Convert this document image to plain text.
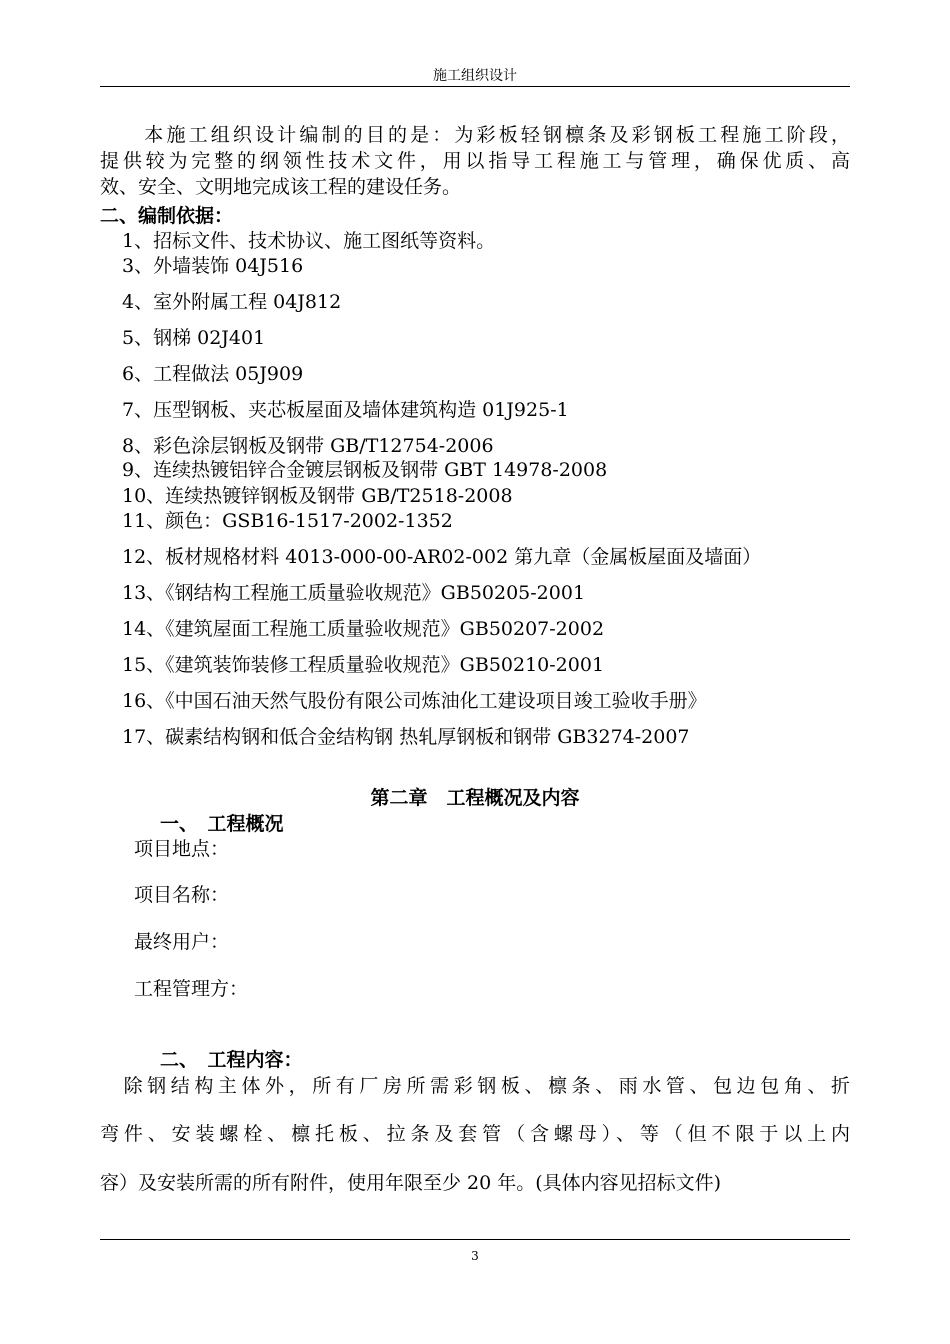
施工组织设计
　　本施工组织设计编制的目的是：为彩板轻钢檩条及彩钢板工程施工阶段，
提供较为完整的纲领性技术文件，用以指导工程施工与管理，确保优质、高
效、安全、文明地完成该工程的建设任务。
二、编制依据：
1、招标文件、技术协议、施工图纸等资料。
3、外墙装饰 04J516
4、室外附属工程 04J812
5、钢梯 02J401
6、工程做法 05J909
7、压型钢板、夹芯板屋面及墙体建筑构造 01J925-1
8、彩色涂层钢板及钢带 GB/T12754-2006
9、连续热镀铝锌合金镀层钢板及钢带 GBT 14978-2008
10、连续热镀锌钢板及钢带 GB/T2518-2008
11、颜色：GSB16-1517-2002-1352
12、板材规格材料 4013-000-00-AR02-002 第九章（金属板屋面及墙面）
13、《钢结构工程施工质量验收规范》GB50205-2001
14、《建筑屋面工程施工质量验收规范》GB50207-2002
15、《建筑装饰装修工程质量验收规范》GB50210-2001
16、《中国石油天然气股份有限公司炼油化工建设项目竣工验收手册》
17、碳素结构钢和低合金结构钢 热轧厚钢板和钢带 GB3274-2007
第二章　工程概况及内容
一、　工程概况
项目地点：
项目名称：
最终用户：
工程管理方：
二、　工程内容：
　除钢结构主体外，所有厂房所需彩钢板、檩条、雨水管、包边包角、折
弯件、安装螺栓、檩托板、拉条及套管（含螺母）、等（但不限于以上内
容）及安装所需的所有附件，使用年限至少 20 年。(具体内容见招标文件)
3
